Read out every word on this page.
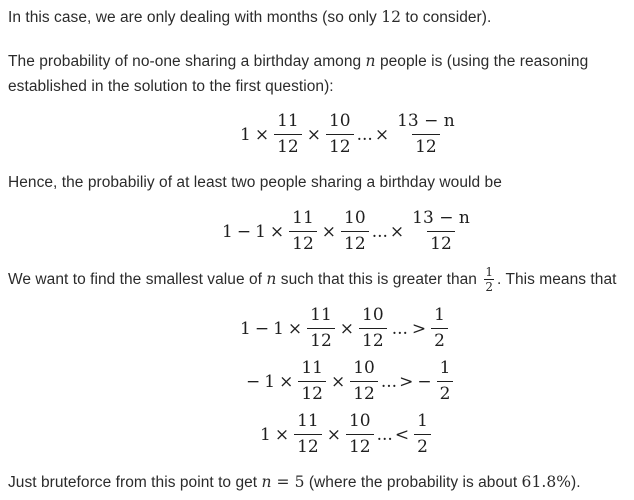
In this case, we are only dealing with months (so only 12 to consider).
The probability of no-one sharing a birthday among n people is (using the reasoning
established in the solution to the first question):
$1 \times \frac{11}{12} \times \frac{10}{12}$ ... × $\frac{13 - n}{12}$
Hence, the probabiliy of at least two people sharing a birthday would be
$1 - 1 \times \frac{11}{12} \times \frac{10}{12}$ ... × $\frac{13 - n}{12}$
We want to find the smallest value of n such that this is greater than $\frac{1}{2}$ . This means that
$1 - 1 \times \frac{11}{12} \times \frac{10}{12}$ ... > $\frac{1}{2}$
− $1 \times \frac{11}{12} \times \frac{10}{12}$ ... > − $\frac{1}{2}$
$1 \times \frac{11}{12} \times \frac{10}{12}$ ... < $\frac{1}{2}$
Just bruteforce from this point to get n = 5 (where the probability is about 61.8%).
